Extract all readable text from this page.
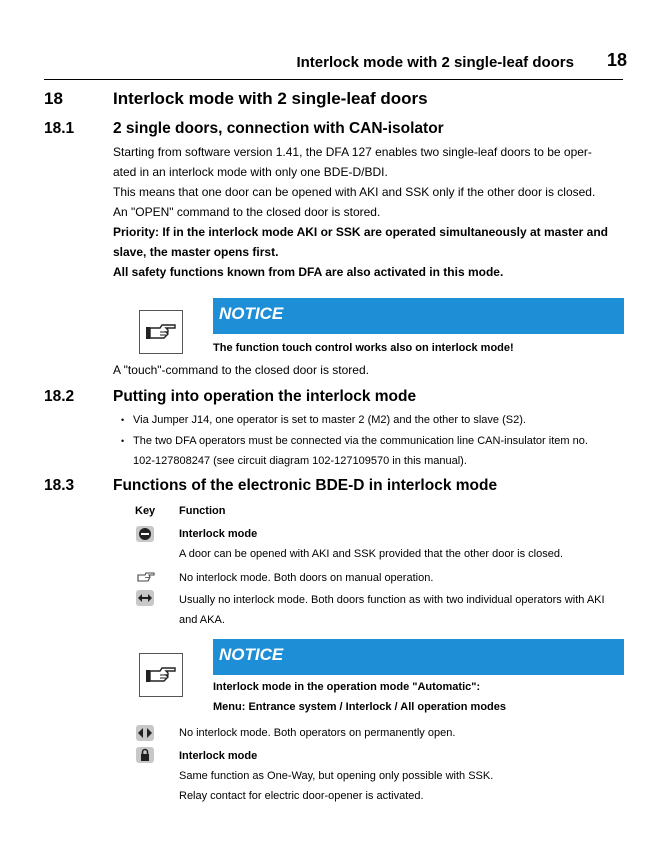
Interlock mode with 2 single-leaf doors 18
18	Interlock mode with 2 single-leaf doors
18.1	2 single doors, connection with CAN-isolator
Starting from software version 1.41, the DFA 127 enables two single-leaf doors to be oper-
ated in an interlock mode with only one BDE-D/BDI.
This means that one door can be opened with AKI and SSK only if the other door is closed.
An "OPEN" command to the closed door is stored.
Priority: If in the interlock mode AKI or SSK are operated simultaneously at master and
slave, the master opens first.
All safety functions known from DFA are also activated in this mode.
NOTICE
The function touch control works also on interlock mode!
A "touch"-command to the closed door is stored.
18.2	Putting into operation the interlock mode
• Via Jumper J14, one operator is set to master 2 (M2) and the other to slave (S2).
• The two DFA operators must be connected via the communication line CAN-insulator item no.
102-127808247 (see circuit diagram 102-127109570 in this manual).
18.3	Functions of the electronic BDE-D in interlock mode
Key Function
Interlock mode
A door can be opened with AKI and SSK provided that the other door is closed.
No interlock mode. Both doors on manual operation.
Usually no interlock mode. Both doors function as with two individual operators with AKI
and AKA.
NOTICE
Interlock mode in the operation mode "Automatic":
Menu: Entrance system / Interlock / All operation modes
No interlock mode. Both operators on permanently open.
Interlock mode
Same function as One-Way, but opening only possible with SSK.
Relay contact for electric door-opener is activated.
